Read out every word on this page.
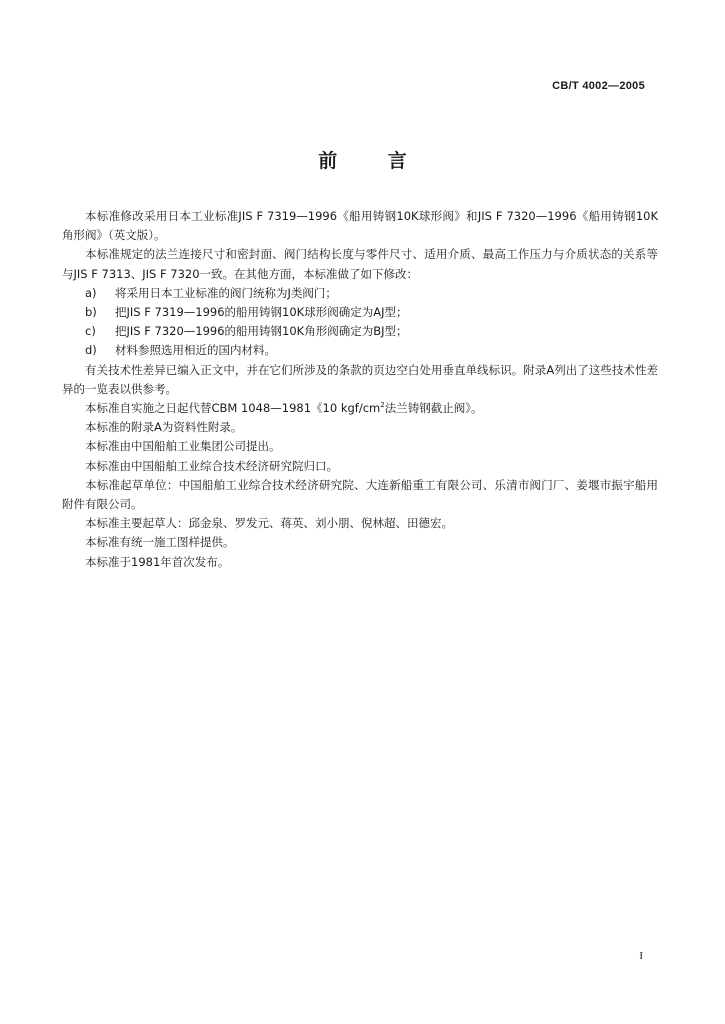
CB/T 4002—2005
前 言

本标准修改采用日本工业标准JIS F 7319—1996《船用铸钢10K球形阀》和JIS F 7320—1996《船用铸钢10K角形阀》（英文版）。

本标准规定的法兰连接尺寸和密封面、阀门结构长度与零件尺寸、适用介质、最高工作压力与介质状态的关系等与JIS F 7313、JIS F 7320一致。在其他方面，本标准做了如下修改：

a) 将采用日本工业标准的阀门统称为J类阀门；
b) 把JIS F 7319—1996的船用铸钢10K球形阀确定为AJ型；
c) 把JIS F 7320—1996的船用铸钢10K角形阀确定为BJ型；
d) 材料参照选用相近的国内材料。

有关技术性差异已编入正文中，并在它们所涉及的条款的页边空白处用垂直单线标识。附录A列出了这些技术性差异的一览表以供参考。

本标准自实施之日起代替CBM 1048—1981《10 kgf/$cm^2$法兰铸钢截止阀》。

本标准的附录A为资料性附录。

本标准由中国船舶工业集团公司提出。

本标准由中国船舶工业综合技术经济研究院归口。

本标准起草单位：中国船舶工业综合技术经济研究院、大连新船重工有限公司、乐清市阀门厂、姜堰市振宇船用附件有限公司。

本标准主要起草人：邱金泉、罗发元、蒋英、刘小朋、倪林超、田德宏。

本标准有统一施工图样提供。

本标准于1981年首次发布。

I
